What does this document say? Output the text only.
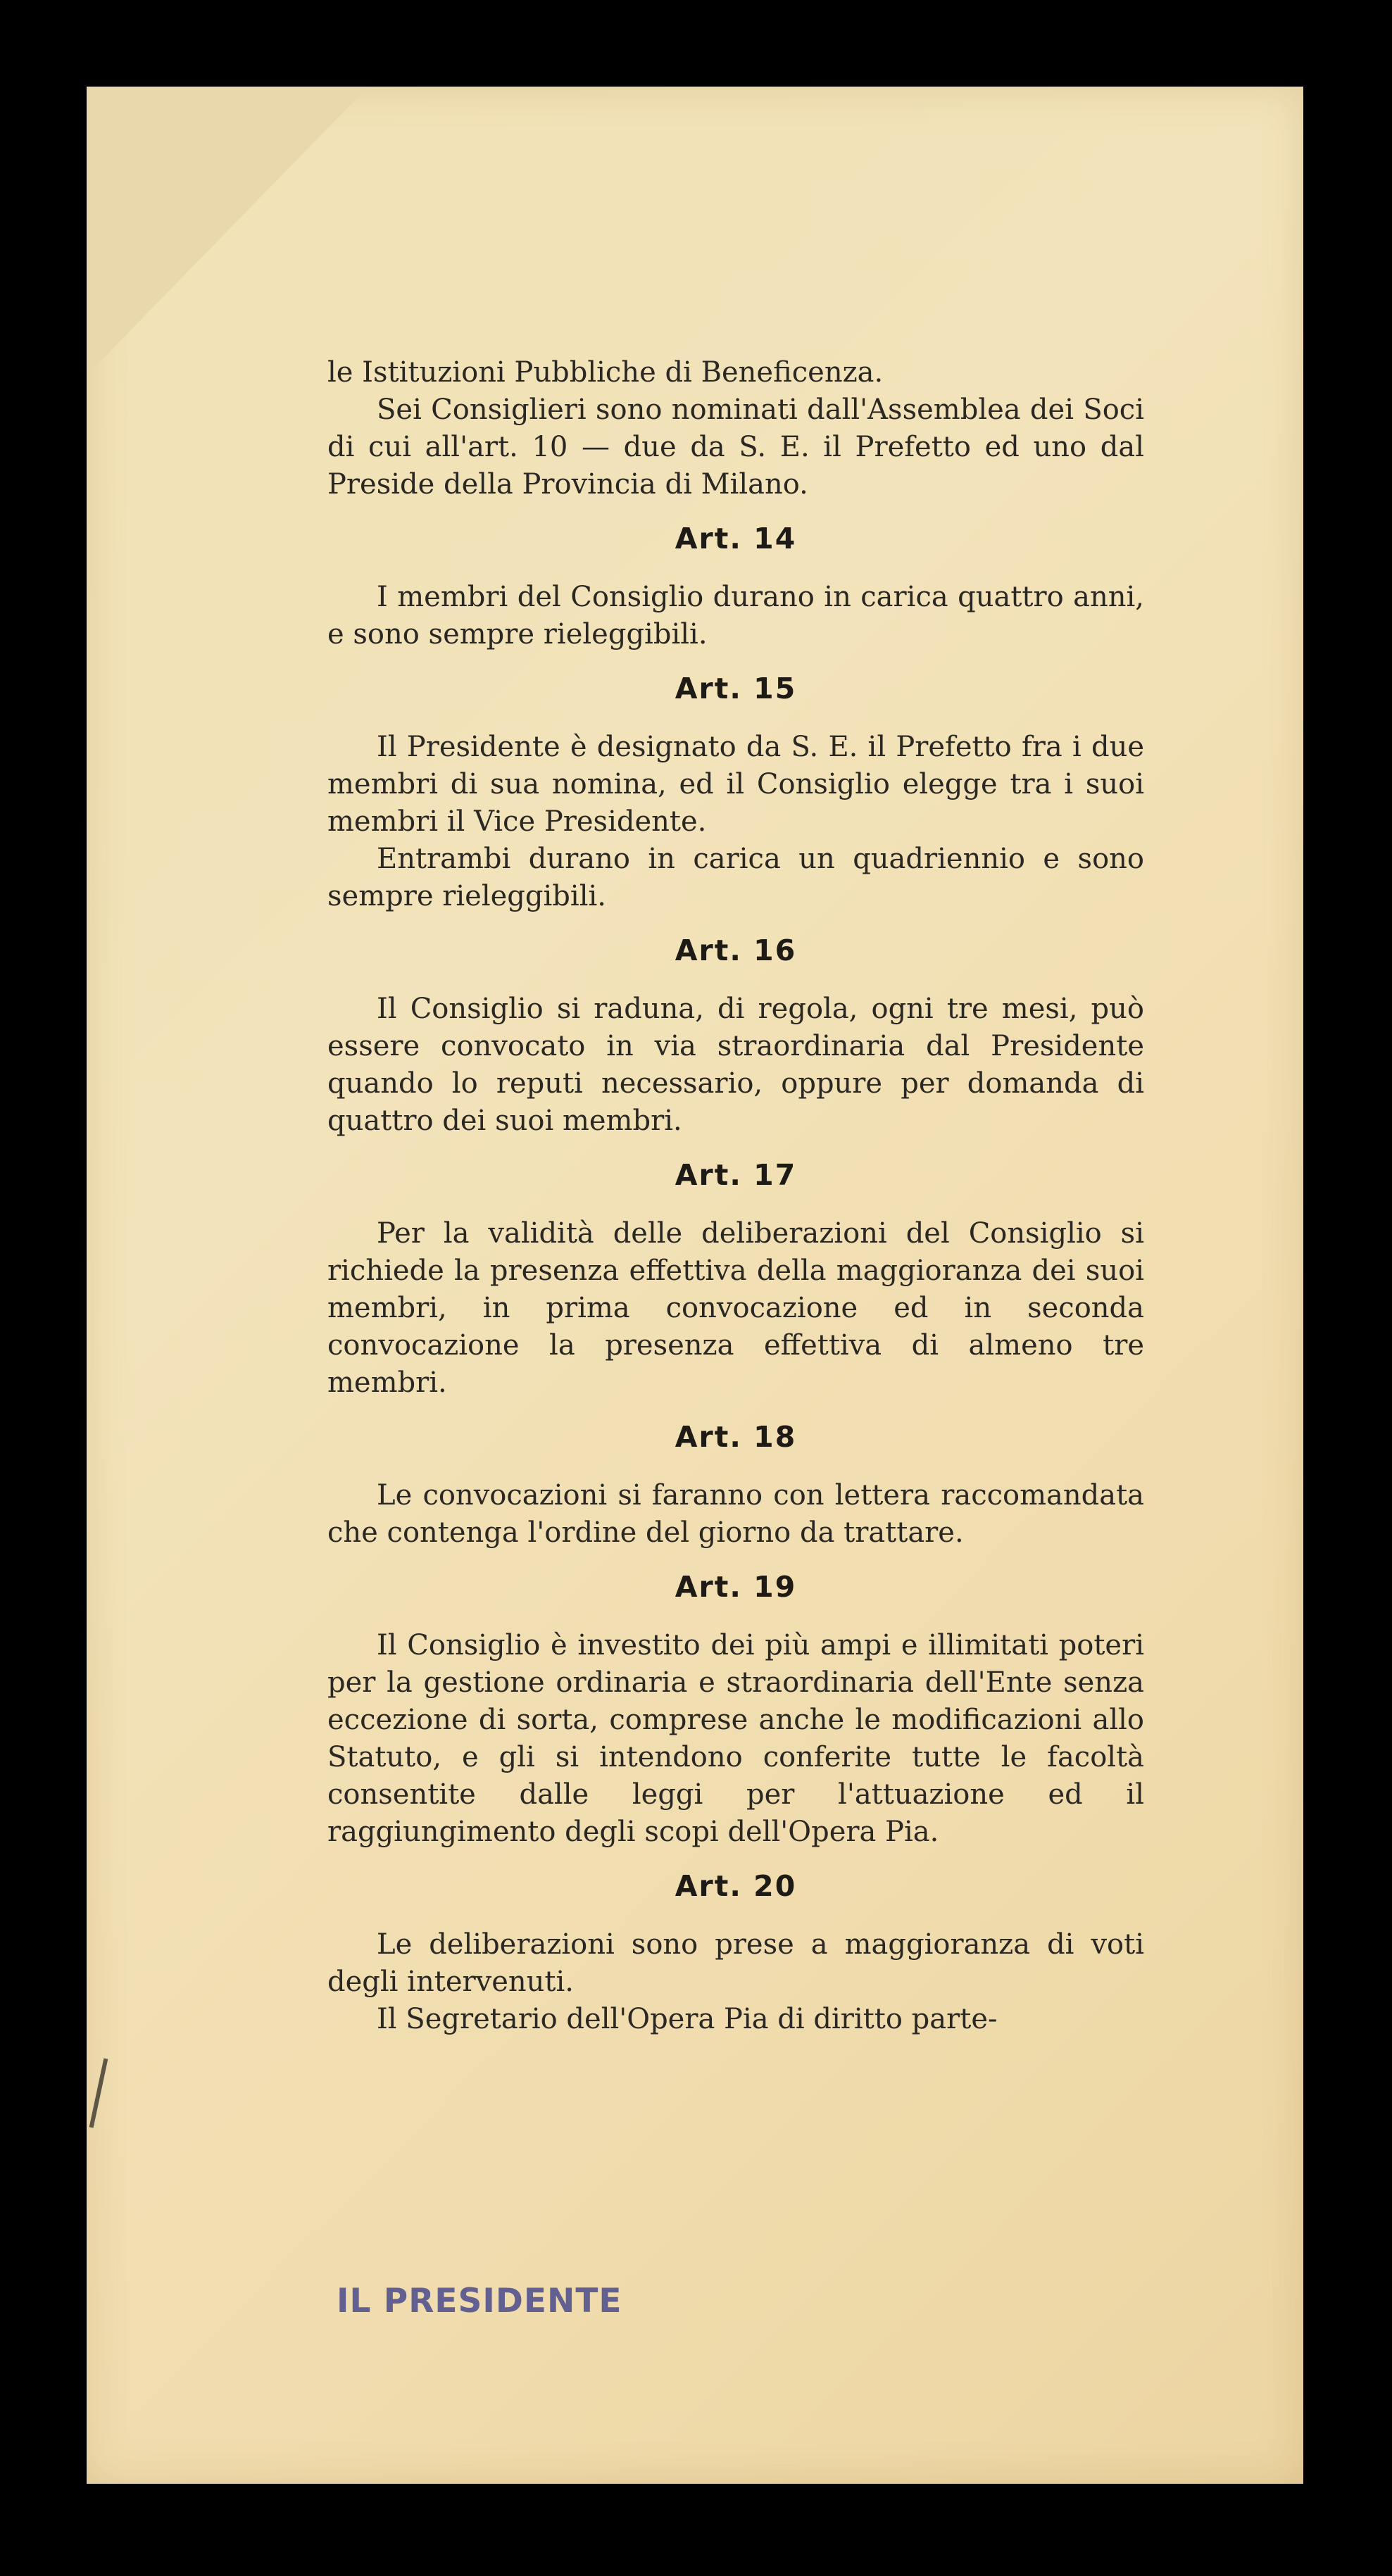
le Istituzioni Pubbliche di Beneficenza.

Sei Consiglieri sono nominati dall'Assemblea dei Soci di cui all'art. 10 — due da S. E. il Prefetto ed uno dal Preside della Provincia di Milano.

Art. 14

I membri del Consiglio durano in carica quattro anni, e sono sempre rieleggibili.

Art. 15

Il Presidente è designato da S. E. il Prefetto fra i due membri di sua nomina, ed il Consiglio elegge tra i suoi membri il Vice Presidente.

Entrambi durano in carica un quadriennio e sono sempre rieleggibili.

Art. 16

Il Consiglio si raduna, di regola, ogni tre mesi, può essere convocato in via straordinaria dal Presidente quando lo reputi necessario, oppure per domanda di quattro dei suoi membri.

Art. 17

Per la validità delle deliberazioni del Consiglio si richiede la presenza effettiva della maggioranza dei suoi membri, in prima convocazione ed in seconda convocazione la presenza effettiva di almeno tre membri.

Art. 18

Le convocazioni si faranno con lettera raccomandata che contenga l'ordine del giorno da trattare.

Art. 19

Il Consiglio è investito dei più ampi e illimitati poteri per la gestione ordinaria e straordinaria dell'Ente senza eccezione di sorta, comprese anche le modificazioni allo Statuto, e gli si intendono conferite tutte le facoltà consentite dalle leggi per l'attuazione ed il raggiungimento degli scopi dell'Opera Pia.

Art. 20

Le deliberazioni sono prese a maggioranza di voti degli intervenuti.

Il Segretario dell'Opera Pia di diritto parte-

IL PRESIDENTE
